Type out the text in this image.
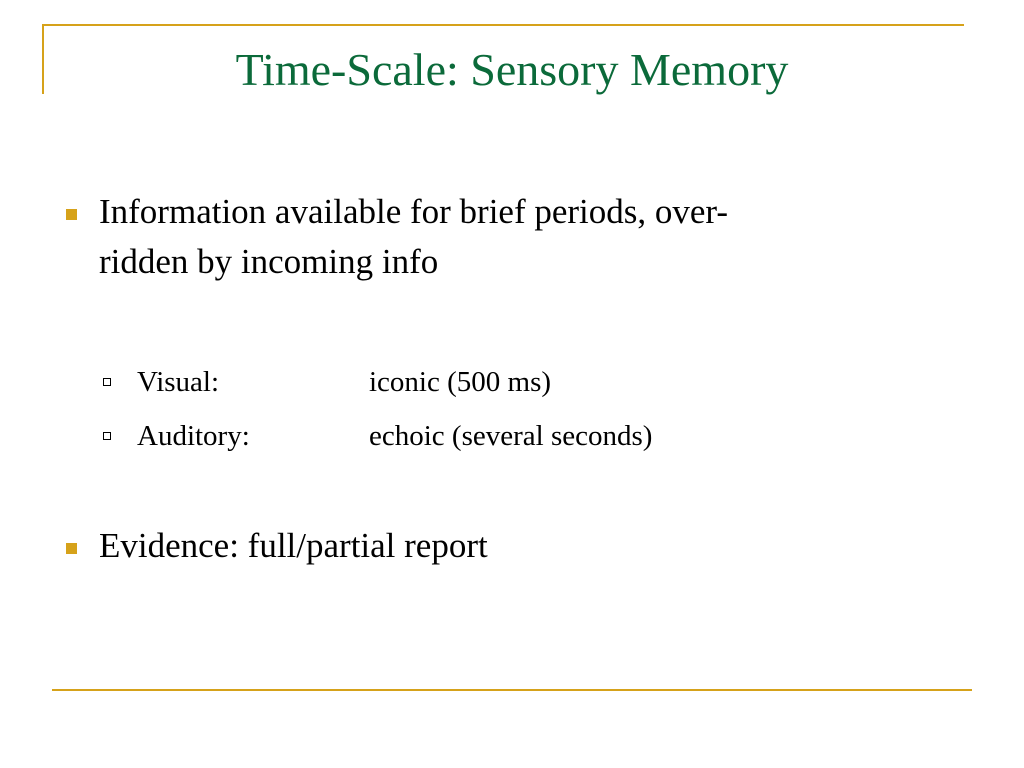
Time-Scale: Sensory Memory

Information available for brief periods, over-

ridden by incoming info

Visual:	iconic (500 ms)
Auditory:	echoic (several seconds)

Evidence: full/partial report
